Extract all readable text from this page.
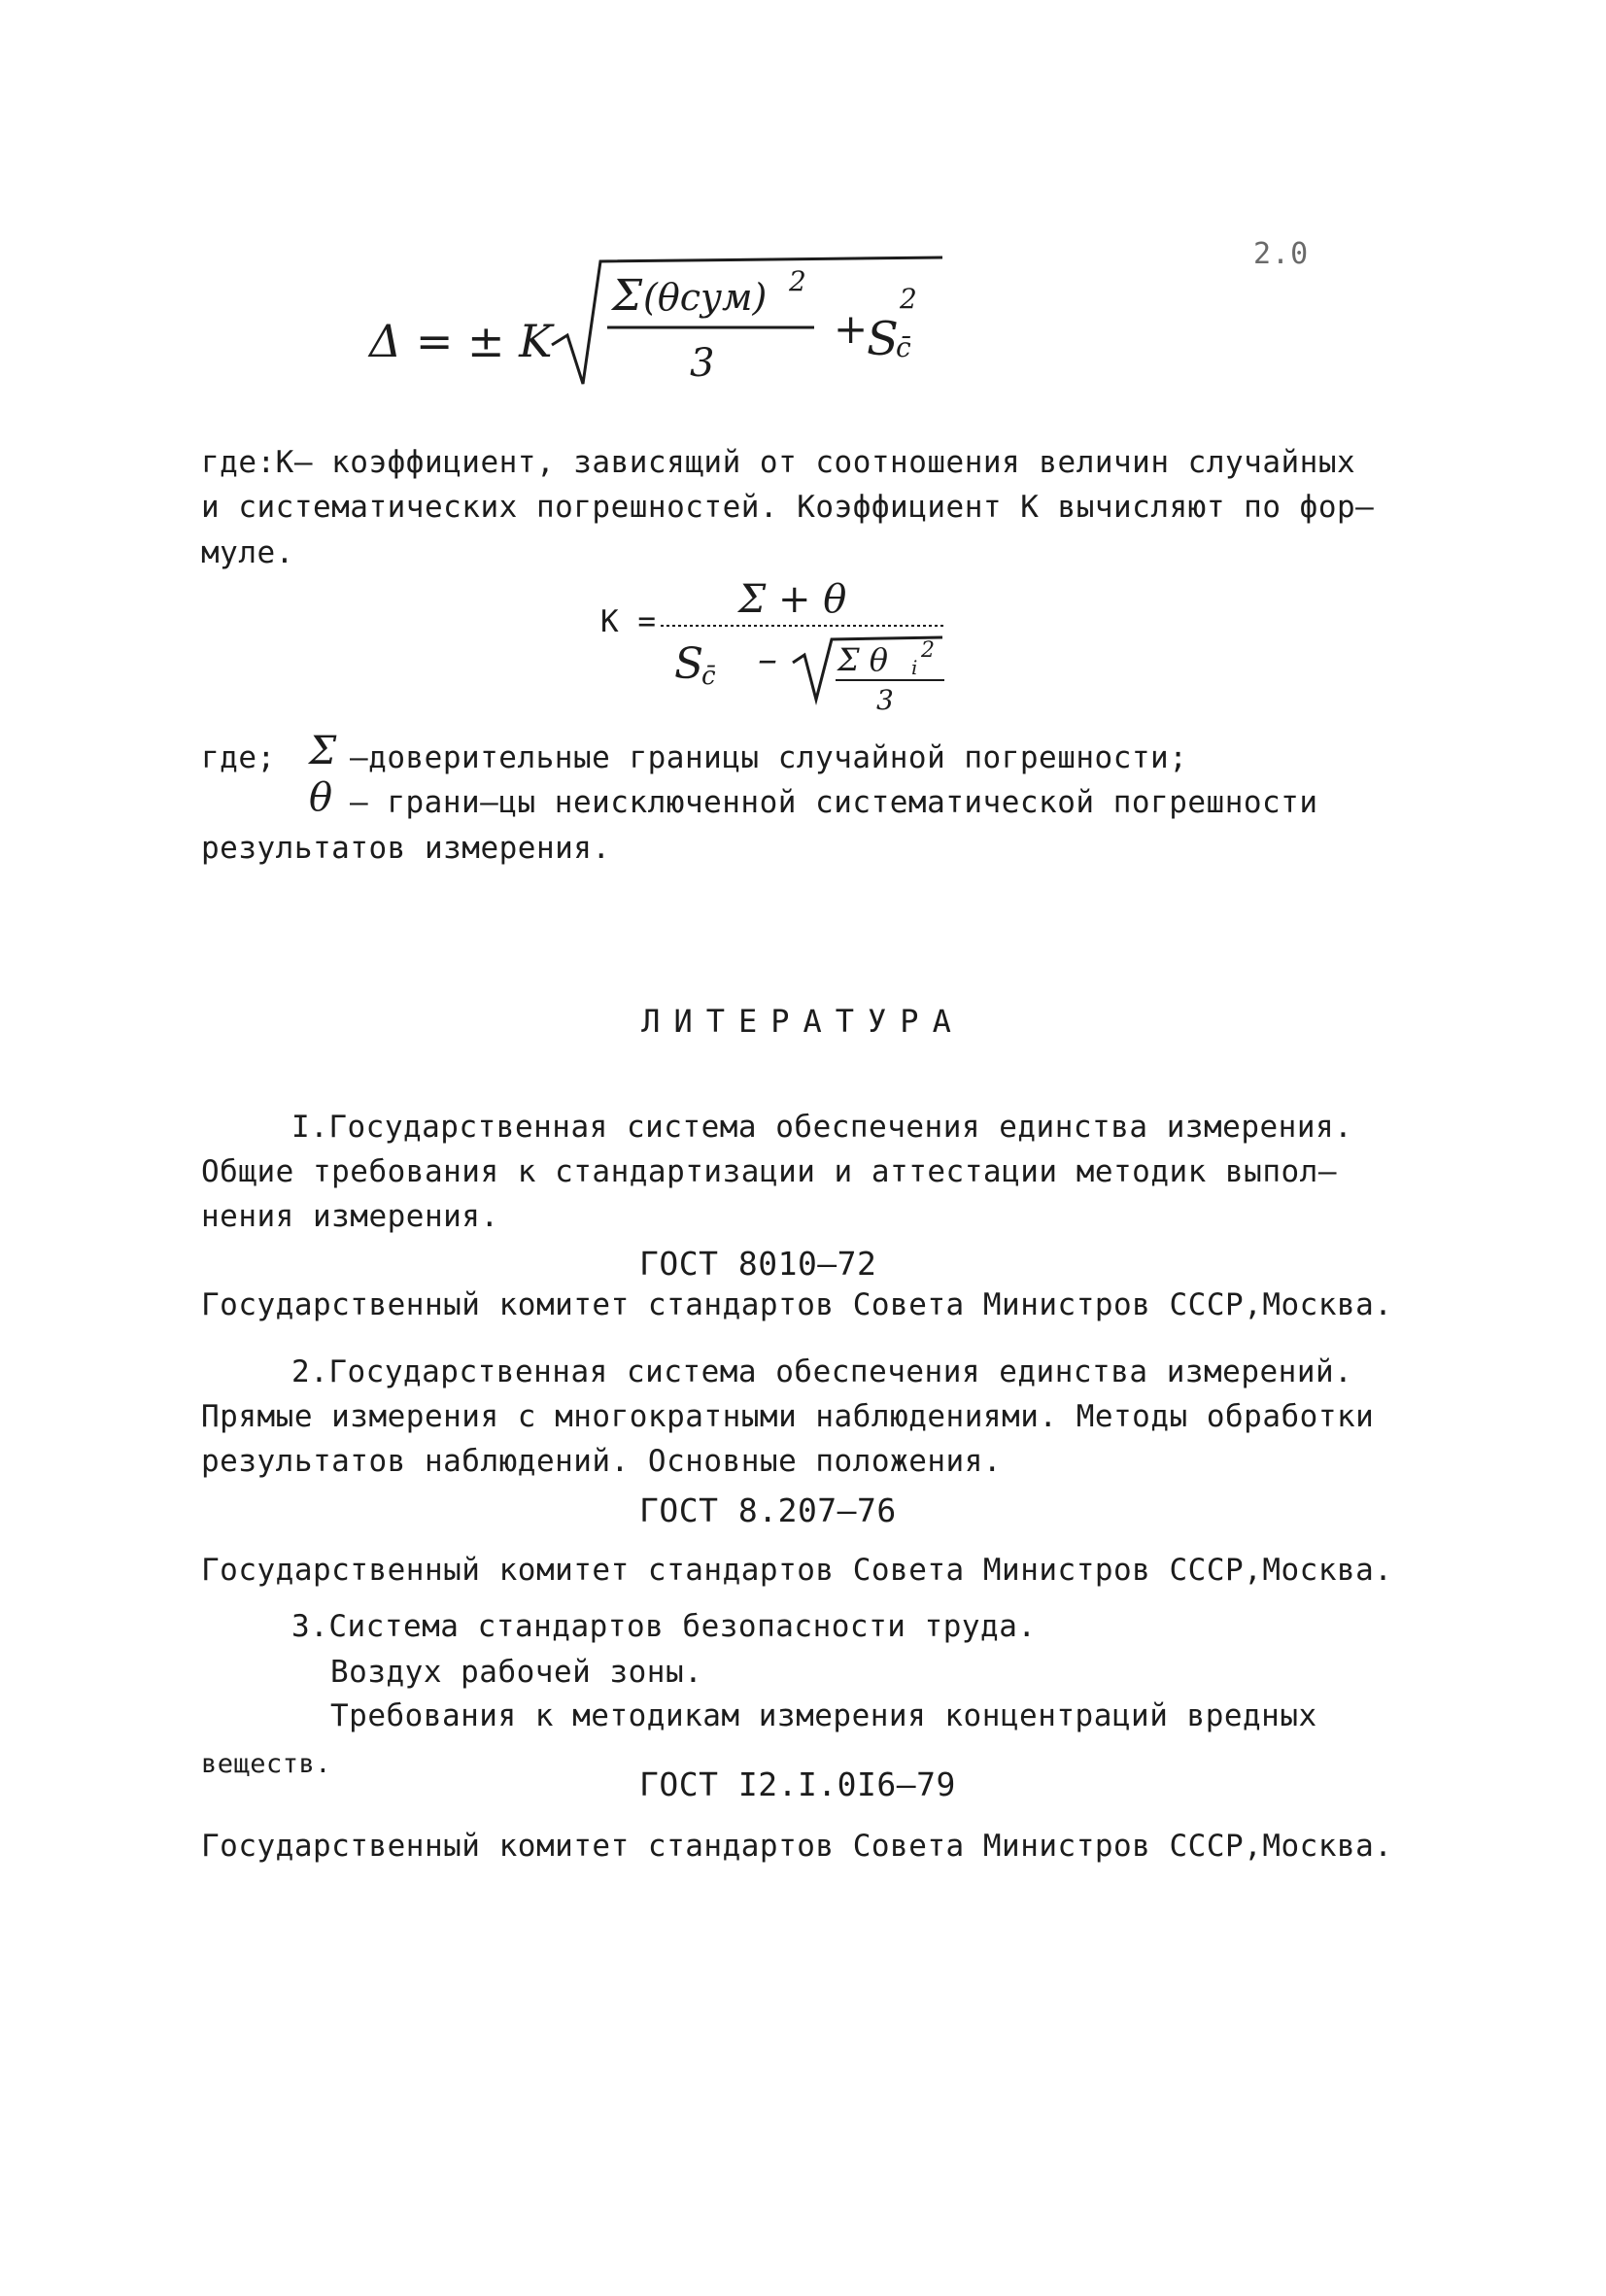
2.0
Δ = ± K
Σ (θсум) 2
3
+
S
2
c̄
где:К– коэффициент, зависящий от соотношения величин случайных
и систематических погрешностей. Коэффициент К вычисляют по фор–
муле.
К = Σ + θ
S
c̄ – Σ θ i
2
3
где; Σ –доверительные границы случайной погрешности;
θ – грани–цы неисключенной систематической погрешности
результатов измерения.
ЛИТЕРАТУРА
I.Государственная система обеспечения единства измерения.
Общие требования к стандартизации и аттестации методик выпол–
нения измерения.
ГОСТ 8010–72
Государственный комитет стандартов Совета Министров СССР,Москва.
2.Государственная система обеспечения единства измерений.
Прямые измерения с многократными наблюдениями. Методы обработки
результатов наблюдений. Основные положения.
ГОСТ 8.207–76
Государственный комитет стандартов Совета Министров СССР,Москва.
3.Система стандартов безопасности труда.
Воздух рабочей зоны.
Требования к методикам измерения концентраций вредных
веществ.
ГОСТ I2.I.0I6–79
Государственный комитет стандартов Совета Министров СССР,Москва.
